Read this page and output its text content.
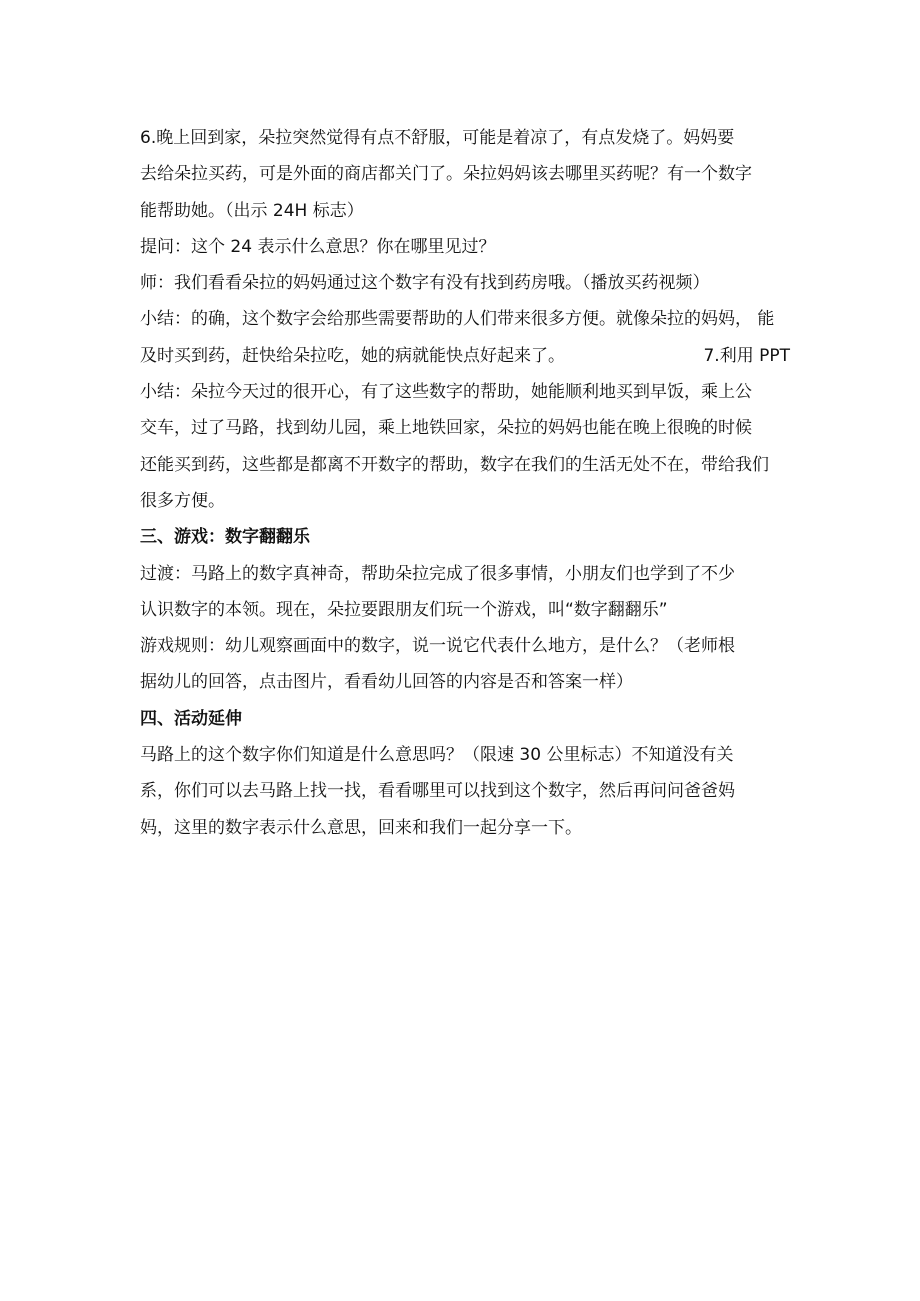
6.晚上回到家，朵拉突然觉得有点不舒服，可能是着凉了，有点发烧了。妈妈要
去给朵拉买药，可是外面的商店都关门了。朵拉妈妈该去哪里买药呢？有一个数字
能帮助她。（出示 24H 标志）
提问：这个 24 表示什么意思？你在哪里见过？
师：我们看看朵拉的妈妈通过这个数字有没有找到药房哦。（播放买药视频）
小结：的确，这个数字会给那些需要帮助的人们带来很多方便。就像朵拉的妈妈， 能
及时买到药，赶快给朵拉吃，她的病就能快点好起来了。	7.利用 PPT
小结：朵拉今天过的很开心，有了这些数字的帮助，她能顺利地买到早饭，乘上公
交车，过了马路，找到幼儿园，乘上地铁回家，朵拉的妈妈也能在晚上很晚的时候
还能买到药，这些都是都离不开数字的帮助，数字在我们的生活无处不在，带给我们
很多方便。
三、游戏：数字翻翻乐
过渡：马路上的数字真神奇，帮助朵拉完成了很多事情，小朋友们也学到了不少
认识数字的本领。现在，朵拉要跟朋友们玩一个游戏，叫“数字翻翻乐”
游戏规则：幼儿观察画面中的数字，说一说它代表什么地方，是什么？（老师根
据幼儿的回答，点击图片，看看幼儿回答的内容是否和答案一样）
四、活动延伸
马路上的这个数字你们知道是什么意思吗？（限速 30 公里标志）不知道没有关
系，你们可以去马路上找一找，看看哪里可以找到这个数字，然后再问问爸爸妈
妈，这里的数字表示什么意思，回来和我们一起分享一下。
